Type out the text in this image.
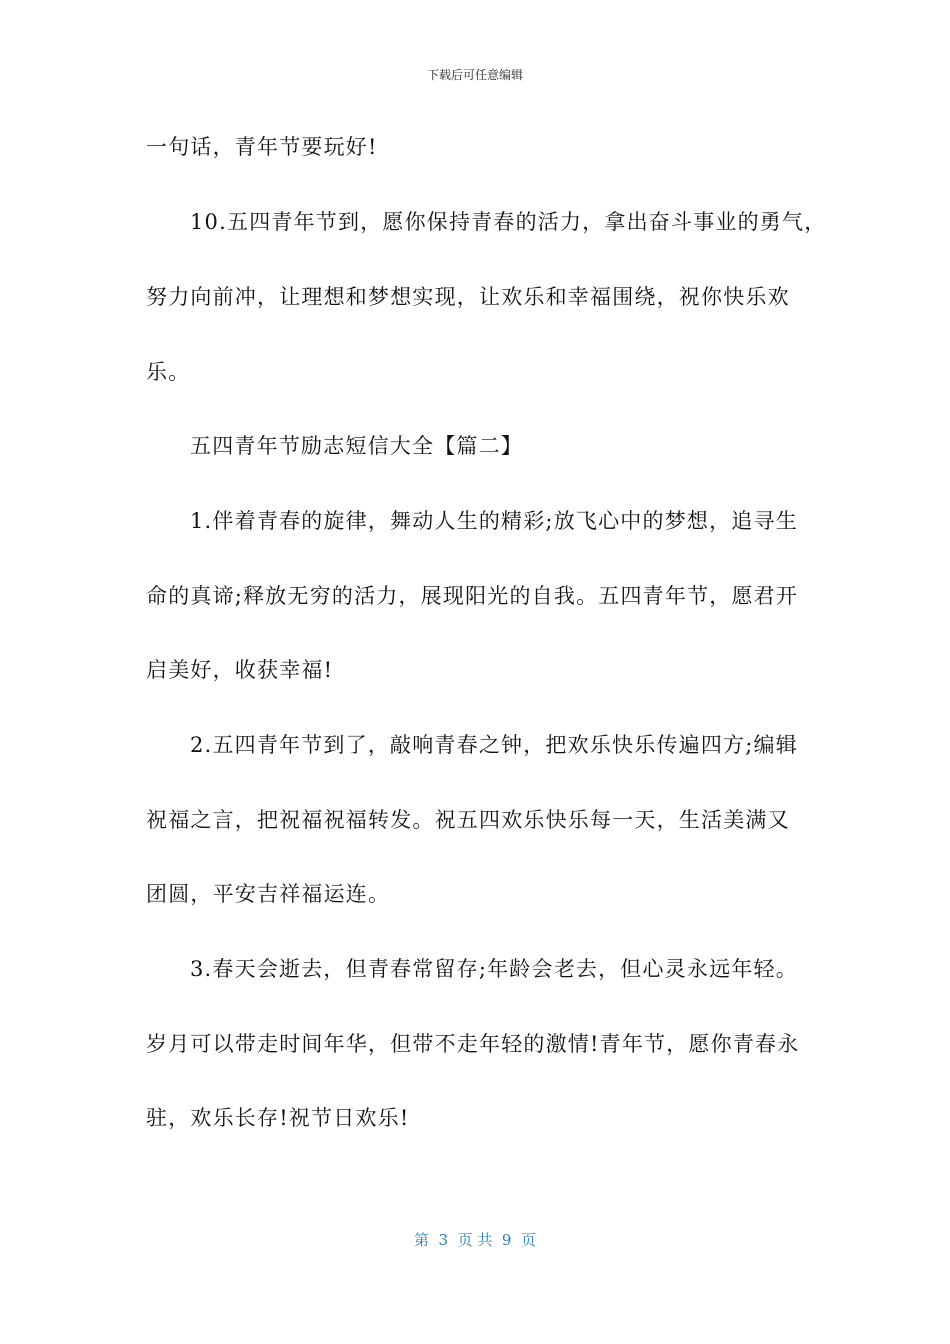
下载后可任意编辑
一句话，青年节要玩好!
10.五四青年节到，愿你保持青春的活力，拿出奋斗事业的勇气，
努力向前冲，让理想和梦想实现，让欢乐和幸福围绕，祝你快乐欢
乐。
五四青年节励志短信大全【篇二】
1.伴着青春的旋律，舞动人生的精彩;放飞心中的梦想，追寻生
命的真谛;释放无穷的活力，展现阳光的自我。五四青年节，愿君开
启美好，收获幸福!
2.五四青年节到了，敲响青春之钟，把欢乐快乐传遍四方;编辑
祝福之言，把祝福祝福转发。祝五四欢乐快乐每一天，生活美满又
团圆，平安吉祥福运连。
3.春天会逝去，但青春常留存;年龄会老去，但心灵永远年轻。
岁月可以带走时间年华，但带不走年轻的激情!青年节，愿你青春永
驻，欢乐长存!祝节日欢乐!
第  3  页 共  9  页
